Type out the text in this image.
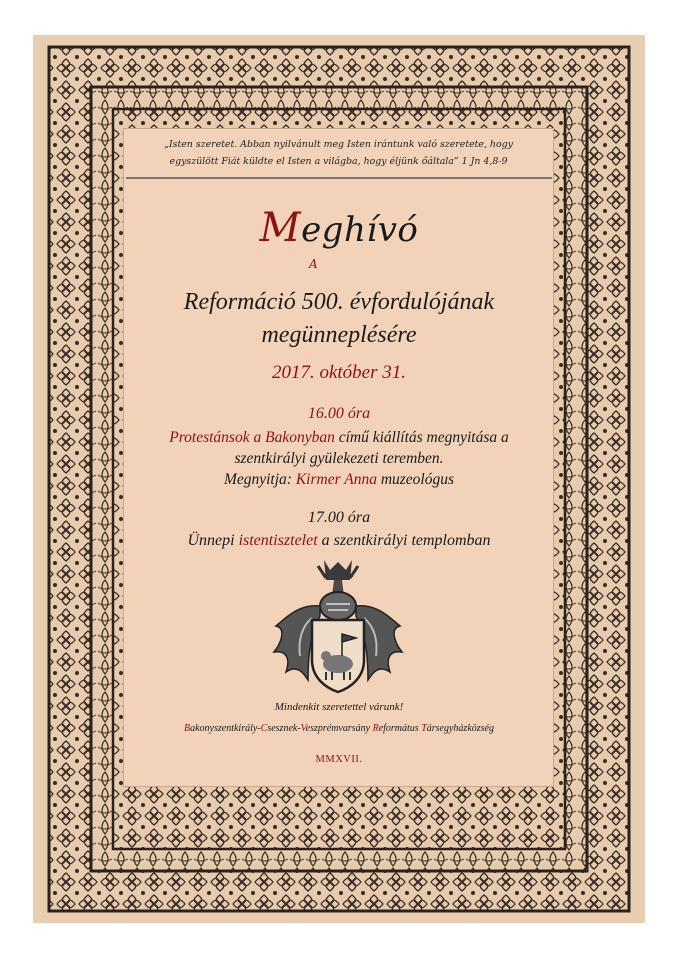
„Isten szeretet. Abban nyilvánult meg Isten irántunk való szeretete, hogy
egyszülött Fiát küldte el Isten a világba, hogy éljünk őáltala” 1 Jn 4,8-9
Meghívó
A
Reformáció 500. évfordulójának
megünneplésére
2017. október 31.
16.00 óra
Protestánsok a Bakonyban című kiállítás megnyitása a
szentkirályi gyülekezeti teremben.
Megnyitja: Kirmer Anna muzeológus
17.00 óra
Ünnepi istentisztelet a szentkirályi templomban
Mindenkit szeretettel várunk!
Bakonyszentkirály-Csesznek-Veszprémvarsány Református Társegyházközség
MMXVII.
